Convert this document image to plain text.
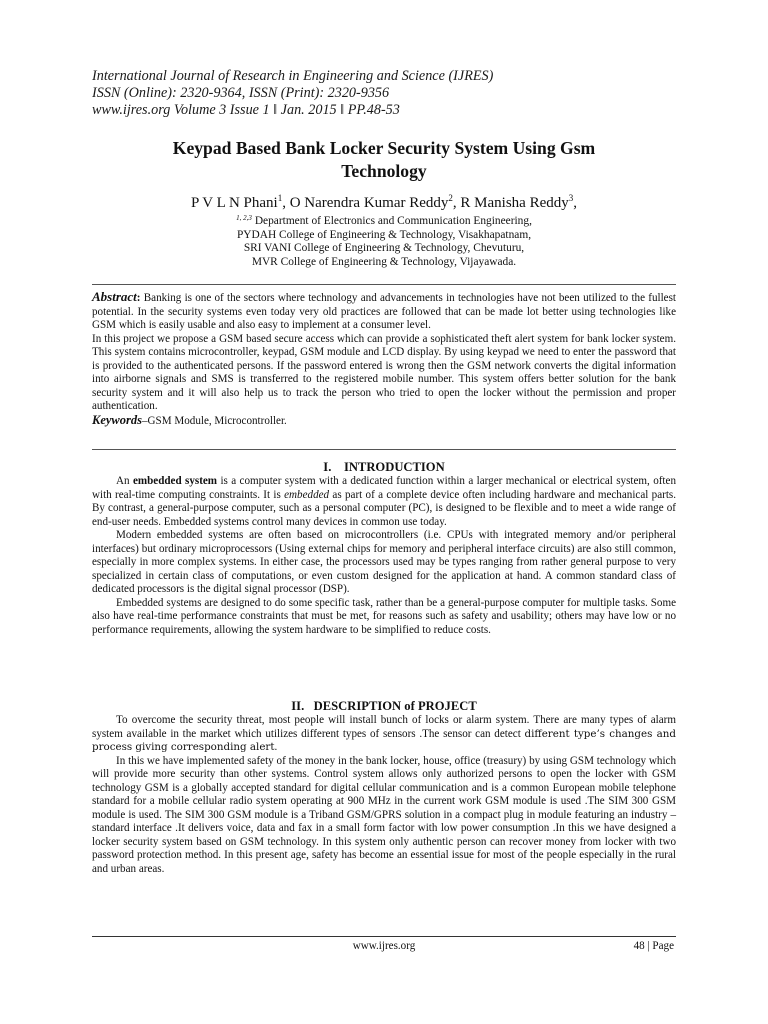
International Journal of Research in Engineering and Science (IJRES)
ISSN (Online): 2320-9364, ISSN (Print): 2320-9356
www.ijres.org Volume 3 Issue 1 ǁ Jan. 2015 ǁ PP.48-53
Keypad Based Bank Locker Security System Using Gsm
Technology
P V L N Phani$^1$, O Narendra Kumar Reddy$^2$, R Manisha Reddy$^3$,
$^{1, 2,3}$ Department of Electronics and Communication Engineering,
PYDAH College of Engineering & Technology, Visakhapatnam,
SRI VANI College of Engineering & Technology, Chevuturu,
MVR College of Engineering & Technology, Vijayawada.

Abstract: Banking is one of the sectors where technology and advancements in technologies have not been utilized to the fullest potential. In the security systems even today very old practices are followed that can be made lot better using technologies like GSM which is easily usable and also easy to implement at a consumer level.

In this project we propose a GSM based secure access which can provide a sophisticated theft alert system for bank locker system. This system contains microcontroller, keypad, GSM module and LCD display. By using keypad we need to enter the password that is provided to the authenticated persons. If the password entered is wrong then the GSM network converts the digital information into airborne signals and SMS is transferred to the registered mobile number. This system offers better solution for the bank security system and it will also help us to track the person who tried to open the locker without the permission and proper authentication.

Keywords–GSM Module, Microcontroller.

I.    INTRODUCTION

An embedded system is a computer system with a dedicated function within a larger mechanical or electrical system, often with real-time computing constraints. It is embedded as part of a complete device often including hardware and mechanical parts. By contrast, a general-purpose computer, such as a personal computer (PC), is designed to be flexible and to meet a wide range of end-user needs. Embedded systems control many devices in common use today.

Modern embedded systems are often based on microcontrollers (i.e. CPUs with integrated memory and/or peripheral interfaces) but ordinary microprocessors (Using external chips for memory and peripheral interface circuits) are also still common, especially in more complex systems. In either case, the processors used may be types ranging from rather general purpose to very specialized in certain class of computations, or even custom designed for the application at hand. A common standard class of dedicated processors is the digital signal processor (DSP).

Embedded systems are designed to do some specific task, rather than be a general-purpose computer for multiple tasks. Some also have real-time performance constraints that must be met, for reasons such as safety and usability; others may have low or no performance requirements, allowing the system hardware to be simplified to reduce costs.

II.   DESCRIPTION of PROJECT

To overcome the security threat, most people will install bunch of locks or alarm system. There are many types of alarm system available in the market which utilizes different types of sensors .The sensor can detect different type’s changes and process giving corresponding alert.

In this we have implemented safety of the money in the bank locker, house, office (treasury) by using GSM technology which will provide more security than other systems. Control system allows only authorized persons to open the locker with GSM technology GSM is a globally accepted standard for digital cellular communication and is a common European mobile telephone standard for a mobile cellular radio system operating at 900 MHz in the current work GSM module is used .The SIM 300 GSM module is used. The SIM 300 GSM module is a Triband GSM/GPRS solution in a compact plug in module featuring an industry – standard interface .It delivers voice, data and fax in a small form factor with low power consumption .In this we have designed a locker security system based on GSM technology. In this system only authentic person can recover money from locker with two password protection method. In this present age, safety has become an essential issue for most of the people especially in the rural and urban areas.

www.ijres.org	48 | Page
